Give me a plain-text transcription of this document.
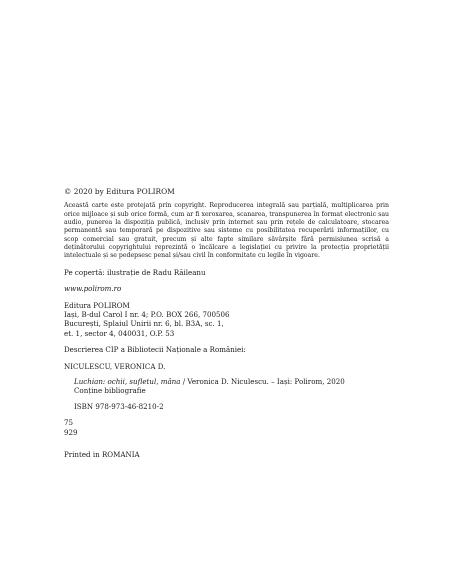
© 2020 by Editura POLIROM

Această carte este protejată prin copyright. Reproducerea integrală sau parțială, multiplicarea prin orice mijloace și sub orice formă, cum ar fi xeroxarea, scanarea, transpunerea în format electronic sau audio, punerea la dispoziția publică, inclusiv prin internet sau prin rețele de calculatoare, stocarea permanentă sau temporară pe dispozitive sau sisteme cu posibilitatea recuperării informațiilor, cu scop comercial sau gratuit, precum și alte fapte similare săvârșite fără permisiunea scrisă a deținătorului copyrightului reprezintă o încălcare a legislației cu privire la protecția proprietății intelectuale și se pedepsesc penal și/sau civil în conformitate cu legile în vigoare.

Pe copertă: ilustrație de Radu Răileanu

www.polirom.ro

Editura POLIROM

Iași, B-dul Carol I nr. 4; P.O. BOX 266, 700506

București, Splaiul Unirii nr. 6, bl. B3A, sc. 1,

et. 1, sector 4, 040031, O.P. 53

Descrierea CIP a Bibliotecii Naționale a României:

NICULESCU, VERONICA D.

Luchian: ochii, sufletul, mâna / Veronica D. Niculescu. – Iași: Polirom, 2020

Conține bibliografie

ISBN 978-973-46-8210-2

75

929

Printed in ROMANIA
